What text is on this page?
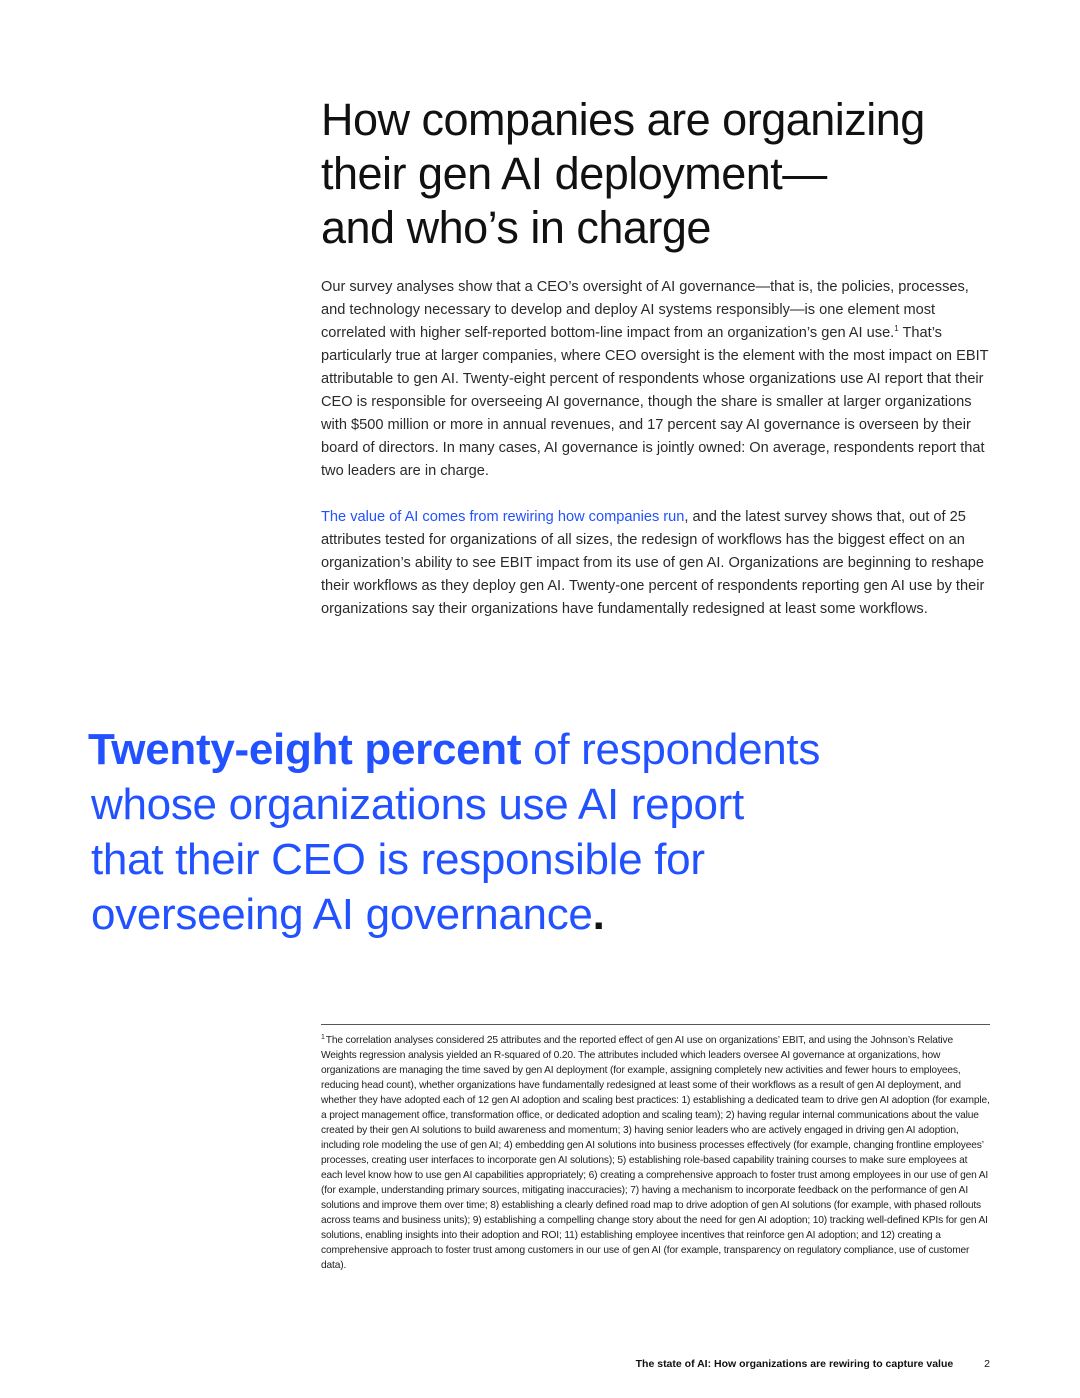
How companies are organizing
their gen AI deployment—
and who’s in charge

Our survey analyses show that a CEO’s oversight of AI governance—that is, the policies, processes, and technology necessary to develop and deploy AI systems responsibly—is one element most correlated with higher self-reported bottom-line impact from an organization’s gen AI use.$^1$ That’s particularly true at larger companies, where CEO oversight is the element with the most impact on EBIT attributable to gen AI. Twenty-eight percent of respondents whose organizations use AI report that their CEO is responsible for overseeing AI governance, though the share is smaller at larger organizations with $500 million or more in annual revenues, and 17 percent say AI governance is overseen by their board of directors. In many cases, AI governance is jointly owned: On average, respondents report that two leaders are in charge.

The value of AI comes from rewiring how companies run, and the latest survey shows that, out of 25 attributes tested for organizations of all sizes, the redesign of workflows has the biggest effect on an organization’s ability to see EBIT impact from its use of gen AI. Organizations are beginning to reshape their workflows as they deploy gen AI. Twenty-one percent of respondents reporting gen AI use by their organizations say their organizations have fundamentally redesigned at least some workflows.

Twenty-eight percent of respondents
whose organizations use AI report
that their CEO is responsible for
overseeing AI governance.

$^1$The correlation analyses considered 25 attributes and the reported effect of gen AI use on organizations’ EBIT, and using the Johnson’s Relative Weights regression analysis yielded an R-squared of 0.20. The attributes included which leaders oversee AI governance at organizations, how organizations are managing the time saved by gen AI deployment (for example, assigning completely new activities and fewer hours to employees, reducing head count), whether organizations have fundamentally redesigned at least some of their workflows as a result of gen AI deployment, and whether they have adopted each of 12 gen AI adoption and scaling best practices: 1) establishing a dedicated team to drive gen AI adoption (for example, a project management office, transformation office, or dedicated adoption and scaling team); 2) having regular internal communications about the value created by their gen AI solutions to build awareness and momentum; 3) having senior leaders who are actively engaged in driving gen AI adoption, including role modeling the use of gen AI; 4) embedding gen AI solutions into business processes effectively (for example, changing frontline employees’ processes, creating user interfaces to incorporate gen AI solutions); 5) establishing role-based capability training courses to make sure employees at each level know how to use gen AI capabilities appropriately; 6) creating a comprehensive approach to foster trust among employees in our use of gen AI (for example, understanding primary sources, mitigating inaccuracies); 7) having a mechanism to incorporate feedback on the performance of gen AI solutions and improve them over time; 8) establishing a clearly defined road map to drive adoption of gen AI solutions (for example, with phased rollouts across teams and business units); 9) establishing a compelling change story about the need for gen AI adoption; 10) tracking well-defined KPIs for gen AI solutions, enabling insights into their adoption and ROI; 11) establishing employee incentives that reinforce gen AI adoption; and 12) creating a comprehensive approach to foster trust among customers in our use of gen AI (for example, transparency on regulatory compliance, use of customer data).

The state of AI: How organizations are rewiring to capture value	2
